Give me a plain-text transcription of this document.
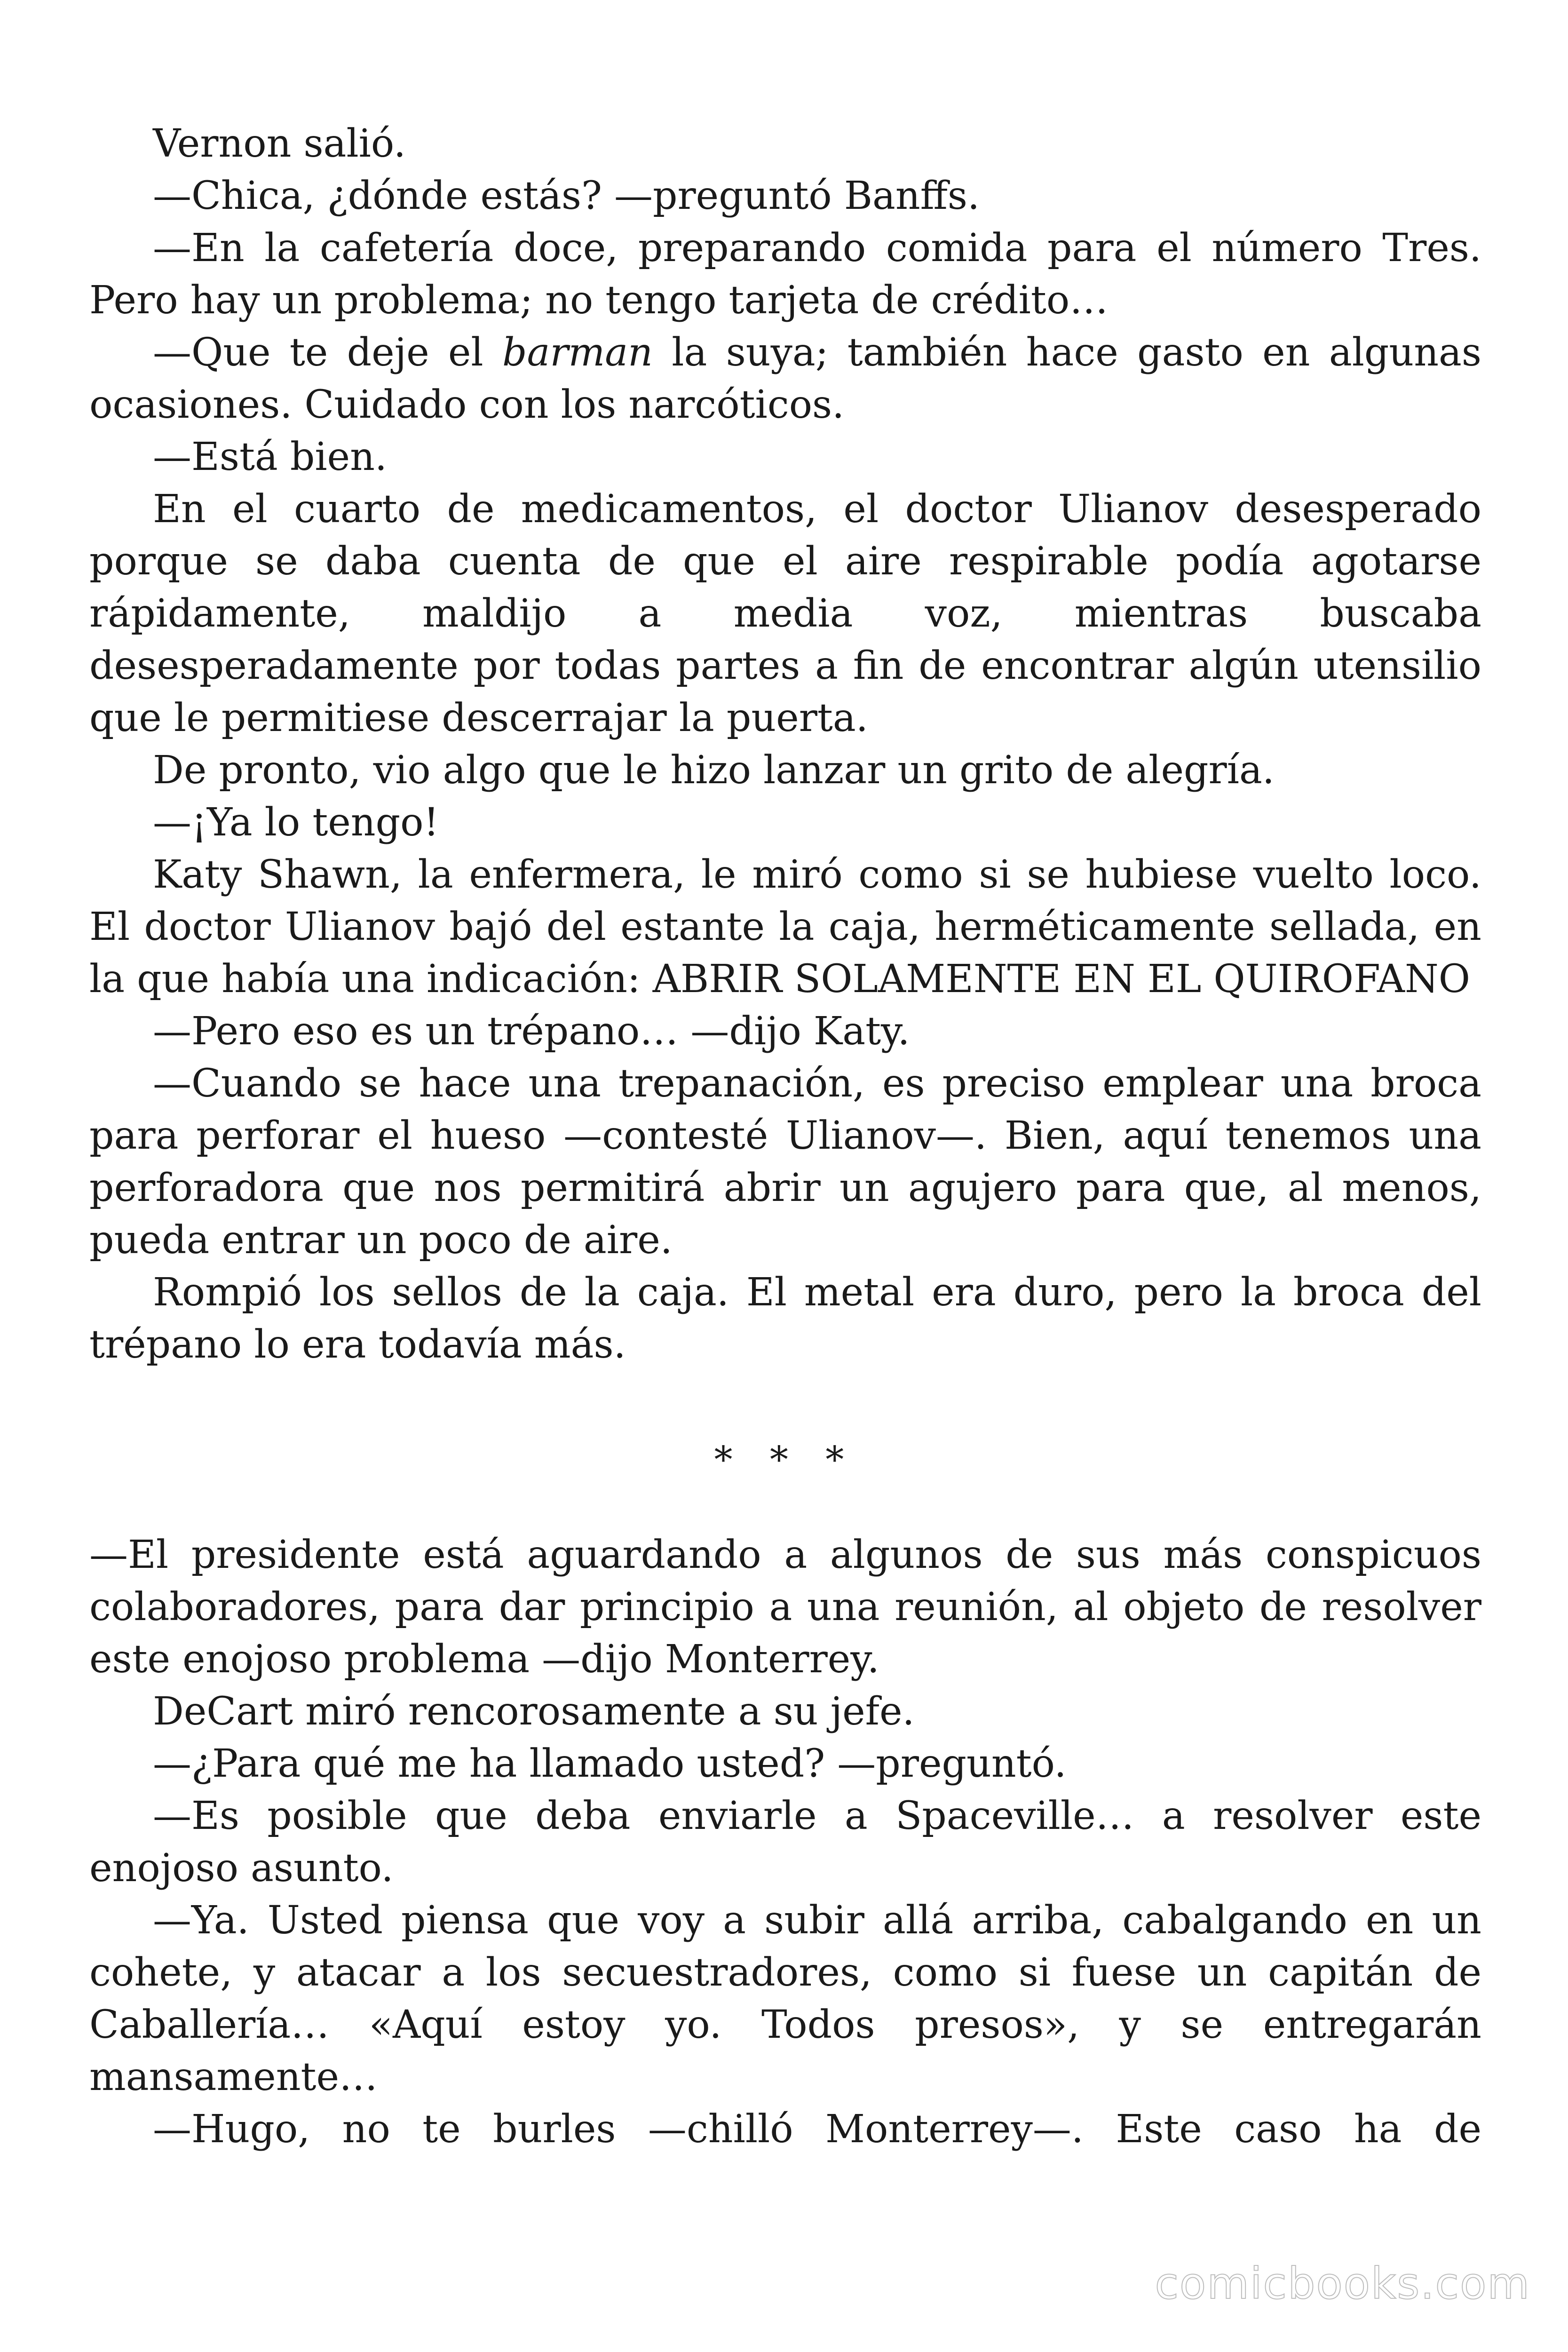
Vernon salió.

—Chica, ¿dónde estás? —preguntó Banffs.

—En la cafetería doce, preparando comida para el número Tres. Pero hay un problema; no tengo tarjeta de crédito…

—Que te deje el barman la suya; también hace gasto en algunas ocasiones. Cuidado con los narcóticos.

—Está bien.

En el cuarto de medicamentos, el doctor Ulianov desesperado porque se daba cuenta de que el aire respirable podía agotarse rápidamente, maldijo a media voz, mientras buscaba desesperadamente por todas partes a fin de encontrar algún utensilio que le permitiese descerrajar la puerta.

De pronto, vio algo que le hizo lanzar un grito de alegría.

—¡Ya lo tengo!

Katy Shawn, la enfermera, le miró como si se hubiese vuelto loco. El doctor Ulianov bajó del estante la caja, herméticamente sellada, en la que había una indicación: ABRIR SOLAMENTE EN EL QUIROFANO

—Pero eso es un trépano… —dijo Katy.

—Cuando se hace una trepanación, es preciso emplear una broca para perforar el hueso —contesté Ulianov—. Bien, aquí tenemos una perforadora que nos permitirá abrir un agujero para que, al menos, pueda entrar un poco de aire.

Rompió los sellos de la caja. El metal era duro, pero la broca del trépano lo era todavía más.

* * *

—El presidente está aguardando a algunos de sus más conspicuos colaboradores, para dar principio a una reunión, al objeto de resolver este enojoso problema —dijo Monterrey.

DeCart miró rencorosamente a su jefe.

—¿Para qué me ha llamado usted? —preguntó.

—Es posible que deba enviarle a Spaceville… a resolver este enojoso asunto.

—Ya. Usted piensa que voy a subir allá arriba, cabalgando en un cohete, y atacar a los secuestradores, como si fuese un capitán de Caballería… «Aquí estoy yo. Todos presos», y se entregarán mansamente…

—Hugo, no te burles —chilló Monterrey—. Este caso ha de

comicbooks.com
